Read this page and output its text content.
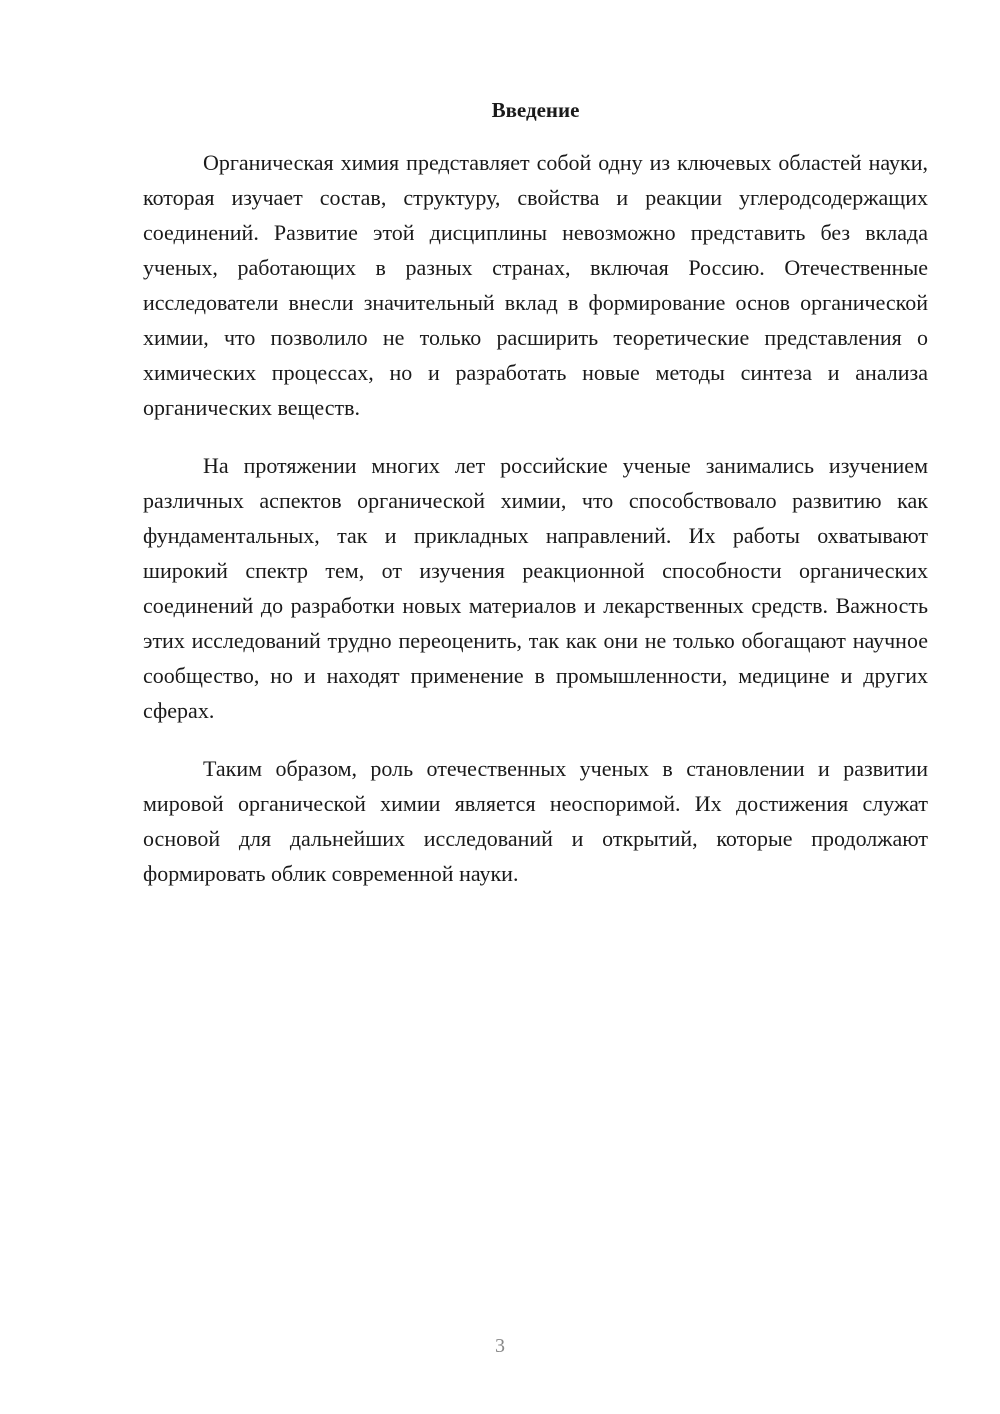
Введение

Органическая химия представляет собой одну из ключевых областей науки, которая изучает состав, структуру, свойства и реакции углеродсодержащих соединений. Развитие этой дисциплины невозможно представить без вклада ученых, работающих в разных странах, включая Россию. Отечественные исследователи внесли значительный вклад в формирование основ органической химии, что позволило не только расширить теоретические представления о химических процессах, но и разработать новые методы синтеза и анализа органических веществ.

На протяжении многих лет российские ученые занимались изучением различных аспектов органической химии, что способствовало развитию как фундаментальных, так и прикладных направлений. Их работы охватывают широкий спектр тем, от изучения реакционной способности органических соединений до разработки новых материалов и лекарственных средств. Важность этих исследований трудно переоценить, так как они не только обогащают научное сообщество, но и находят применение в промышленности, медицине и других сферах.

Таким образом, роль отечественных ученых в становлении и развитии мировой органической химии является неоспоримой. Их достижения служат основой для дальнейших исследований и открытий, которые продолжают формировать облик современной науки.

3
